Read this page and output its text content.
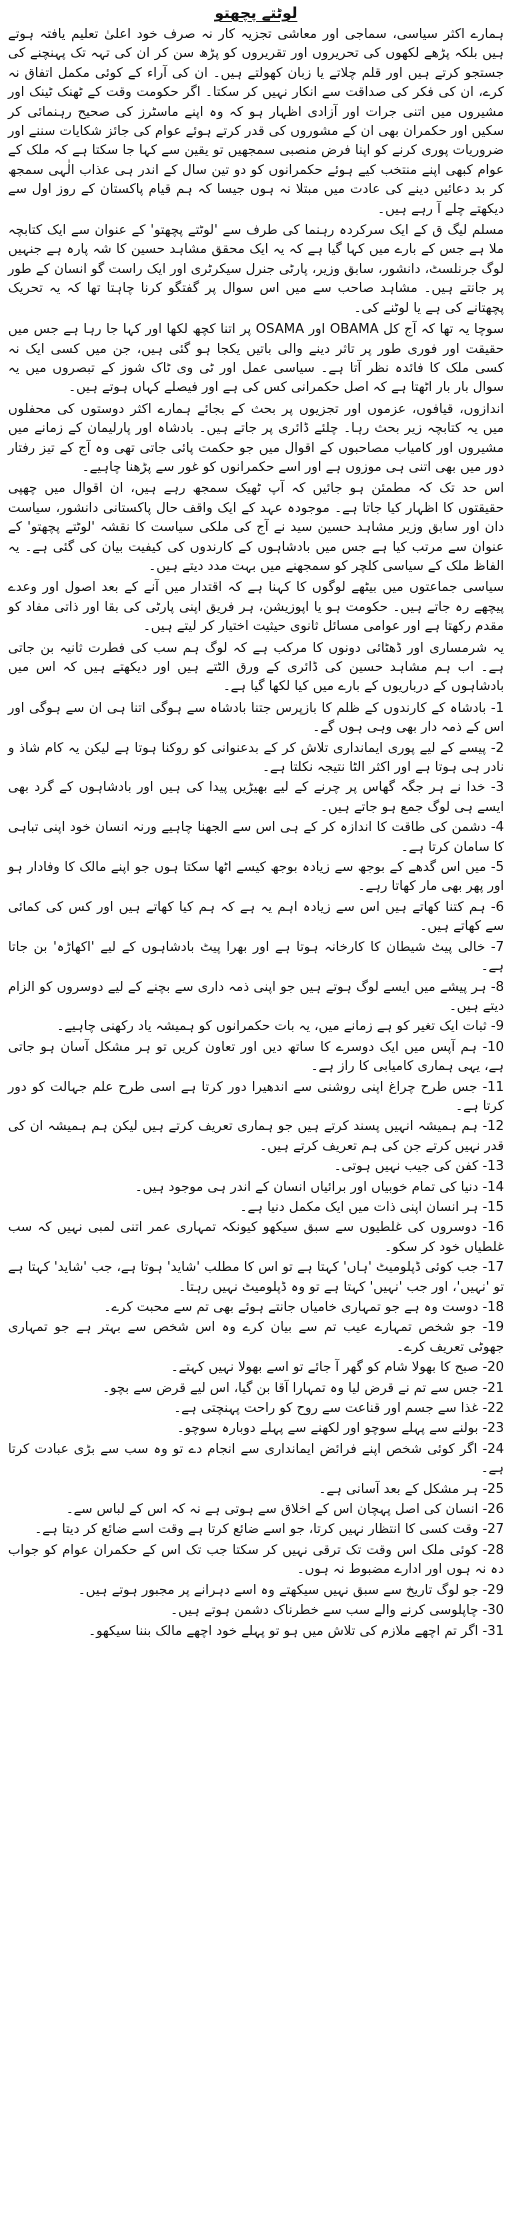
لوٹتے پچھتو

ہمارے اکثر سیاسی، سماجی اور معاشی تجزیہ کار نہ صرف خود اعلیٰ تعلیم یافتہ ہوتے ہیں بلکہ پڑھے لکھوں کی تحریروں اور تقریروں کو پڑھ سن کر ان کی تہہ تک پہنچنے کی جستجو کرتے ہیں اور قلم چلاتے یا زبان کھولتے ہیں۔ ان کی آراء کے کوئی مکمل اتفاق نہ کرے، ان کی فکر کی صداقت سے انکار نہیں کر سکتا۔ اگر حکومت وقت کے ٹھنک ٹینک اور مشیروں میں اتنی جرات اور آزادی اظہار ہو کہ وہ اپنے ماسٹرز کی صحیح رہنمائی کر سکیں اور حکمران بھی ان کے مشوروں کی قدر کرتے ہوئے عوام کی جائز شکایات سننے اور ضروریات پوری کرنے کو اپنا فرض منصبی سمجھیں تو یقین سے کہا جا سکتا ہے کہ ملک کے عوام کبھی اپنے منتخب کیے ہوئے حکمرانوں کو دو تین سال کے اندر ہی عذاب الٰہی سمجھ کر بد دعائیں دینے کی عادت میں مبتلا نہ ہوں جیسا کہ ہم قیام پاکستان کے روز اول سے دیکھتے چلے آ رہے ہیں۔

مسلم لیگ ق کے ایک سرکردہ رہنما کی طرف سے 'لوٹتے پچھتو' کے عنوان سے ایک کتابچہ ملا ہے جس کے بارے میں کہا گیا ہے کہ یہ ایک محقق مشاہد حسین کا شہ پارہ ہے جنہیں لوگ جرنلسٹ، دانشور، سابق وزیر، پارٹی جنرل سیکرٹری اور ایک راست گو انسان کے طور پر جانتے ہیں۔ مشاہد صاحب سے میں اس سوال پر گفتگو کرنا چاہتا تھا کہ یہ تحریک پچھتانے کی ہے یا لوٹنے کی۔

سوچا یہ تھا کہ آج کل OBAMA اور OSAMA پر اتنا کچھ لکھا اور کہا جا رہا ہے جس میں حقیقت اور فوری طور پر تاثر دینے والی باتیں یکجا ہو گئی ہیں، جن میں کسی ایک نہ کسی ملک کا فائدہ نظر آتا ہے۔ سیاسی عمل اور ٹی وی ٹاک شوز کے تبصروں میں یہ سوال بار بار اٹھتا ہے کہ اصل حکمرانی کس کی ہے اور فیصلے کہاں ہوتے ہیں۔

اندازوں، قیافوں، عزموں اور تجزیوں پر بحث کے بجائے ہمارے اکثر دوستوں کی محفلوں میں یہ کتابچہ زیر بحث رہا۔ چلئے ڈائری پر جاتے ہیں۔ بادشاہ اور پارلیمان کے زمانے میں مشیروں اور کامیاب مصاحبوں کے اقوال میں جو حکمت پائی جاتی تھی وہ آج کے تیز رفتار دور میں بھی اتنی ہی موزوں ہے اور اسے حکمرانوں کو غور سے پڑھنا چاہیے۔

اس حد تک کہ مطمئن ہو جائیں کہ آپ ٹھیک سمجھ رہے ہیں، ان اقوال میں چھپی حقیقتوں کا اظہار کیا جاتا ہے۔ موجودہ عہد کے ایک واقف حال پاکستانی دانشور، سیاست دان اور سابق وزیر مشاہد حسین سید نے آج کی ملکی سیاست کا نقشہ 'لوٹتے پچھتو' کے عنوان سے مرتب کیا ہے جس میں بادشاہوں کے کارندوں کی کیفیت بیان کی گئی ہے۔ یہ الفاظ ملک کے سیاسی کلچر کو سمجھنے میں بہت مدد دیتے ہیں۔

سیاسی جماعتوں میں بیٹھے لوگوں کا کہنا ہے کہ اقتدار میں آنے کے بعد اصول اور وعدے پیچھے رہ جاتے ہیں۔ حکومت ہو یا اپوزیشن، ہر فریق اپنی پارٹی کی بقا اور ذاتی مفاد کو مقدم رکھتا ہے اور عوامی مسائل ثانوی حیثیت اختیار کر لیتے ہیں۔

یہ شرمساری اور ڈھٹائی دونوں کا مرکب ہے کہ لوگ ہم سب کی فطرت ثانیہ بن جاتی ہے۔ اب ہم مشاہد حسین کی ڈائری کے ورق الٹتے ہیں اور دیکھتے ہیں کہ اس میں بادشاہوں کے درباریوں کے بارے میں کیا لکھا گیا ہے۔

1- بادشاہ کے کارندوں کے ظلم کا بازپرس جتنا بادشاہ سے ہوگی اتنا ہی ان سے ہوگی اور اس کے ذمہ دار بھی وہی ہوں گے۔
2- پیسے کے لیے پوری ایمانداری تلاش کر کے بدعنوانی کو روکنا ہوتا ہے لیکن یہ کام شاذ و نادر ہی ہوتا ہے اور اکثر الٹا نتیجہ نکلتا ہے۔
3- خدا نے ہر جگہ گھاس پر چرنے کے لیے بھیڑیں پیدا کی ہیں اور بادشاہوں کے گرد بھی ایسے ہی لوگ جمع ہو جاتے ہیں۔
4- دشمن کی طاقت کا اندازہ کر کے ہی اس سے الجھنا چاہیے ورنہ انسان خود اپنی تباہی کا سامان کرتا ہے۔
5- میں اس گدھے کے بوجھ سے زیادہ بوجھ کیسے اٹھا سکتا ہوں جو اپنے مالک کا وفادار ہو اور پھر بھی مار کھاتا رہے۔
6- ہم کتنا کھاتے ہیں اس سے زیادہ اہم یہ ہے کہ ہم کیا کھاتے ہیں اور کس کی کمائی سے کھاتے ہیں۔
7- خالی پیٹ شیطان کا کارخانہ ہوتا ہے اور بھرا پیٹ بادشاہوں کے لیے 'اکھاڑہ' بن جاتا ہے۔
8- ہر پیشے میں ایسے لوگ ہوتے ہیں جو اپنی ذمہ داری سے بچنے کے لیے دوسروں کو الزام دیتے ہیں۔
9- ثبات ایک تغیر کو ہے زمانے میں، یہ بات حکمرانوں کو ہمیشہ یاد رکھنی چاہیے۔
10- ہم آپس میں ایک دوسرے کا ساتھ دیں اور تعاون کریں تو ہر مشکل آسان ہو جاتی ہے، یہی ہماری کامیابی کا راز ہے۔
11- جس طرح چراغ اپنی روشنی سے اندھیرا دور کرتا ہے اسی طرح علم جہالت کو دور کرتا ہے۔
12- ہم ہمیشہ انہیں پسند کرتے ہیں جو ہماری تعریف کرتے ہیں لیکن ہم ہمیشہ ان کی قدر نہیں کرتے جن کی ہم تعریف کرتے ہیں۔
13- کفن کی جیب نہیں ہوتی۔
14- دنیا کی تمام خوبیاں اور برائیاں انسان کے اندر ہی موجود ہیں۔
15- ہر انسان اپنی ذات میں ایک مکمل دنیا ہے۔
16- دوسروں کی غلطیوں سے سبق سیکھو کیونکہ تمہاری عمر اتنی لمبی نہیں کہ سب غلطیاں خود کر سکو۔
17- جب کوئی ڈپلومیٹ 'ہاں' کہتا ہے تو اس کا مطلب 'شاید' ہوتا ہے، جب 'شاید' کہتا ہے تو 'نہیں'، اور جب 'نہیں' کہتا ہے تو وہ ڈپلومیٹ نہیں رہتا۔
18- دوست وہ ہے جو تمہاری خامیاں جانتے ہوئے بھی تم سے محبت کرے۔
19- جو شخص تمہارے عیب تم سے بیان کرے وہ اس شخص سے بہتر ہے جو تمہاری جھوٹی تعریف کرے۔
20- صبح کا بھولا شام کو گھر آ جائے تو اسے بھولا نہیں کہتے۔
21- جس سے تم نے قرض لیا وہ تمہارا آقا بن گیا، اس لیے قرض سے بچو۔
22- غذا سے جسم اور قناعت سے روح کو راحت پہنچتی ہے۔
23- بولنے سے پہلے سوچو اور لکھنے سے پہلے دوبارہ سوچو۔
24- اگر کوئی شخص اپنے فرائض ایمانداری سے انجام دے تو وہ سب سے بڑی عبادت کرتا ہے۔
25- ہر مشکل کے بعد آسانی ہے۔
26- انسان کی اصل پہچان اس کے اخلاق سے ہوتی ہے نہ کہ اس کے لباس سے۔
27- وقت کسی کا انتظار نہیں کرتا، جو اسے ضائع کرتا ہے وقت اسے ضائع کر دیتا ہے۔
28- کوئی ملک اس وقت تک ترقی نہیں کر سکتا جب تک اس کے حکمران عوام کو جواب دہ نہ ہوں اور ادارے مضبوط نہ ہوں۔
29- جو لوگ تاریخ سے سبق نہیں سیکھتے وہ اسے دہرانے پر مجبور ہوتے ہیں۔
30- چاپلوسی کرنے والے سب سے خطرناک دشمن ہوتے ہیں۔
31- اگر تم اچھے ملازم کی تلاش میں ہو تو پہلے خود اچھے مالک بننا سیکھو۔
